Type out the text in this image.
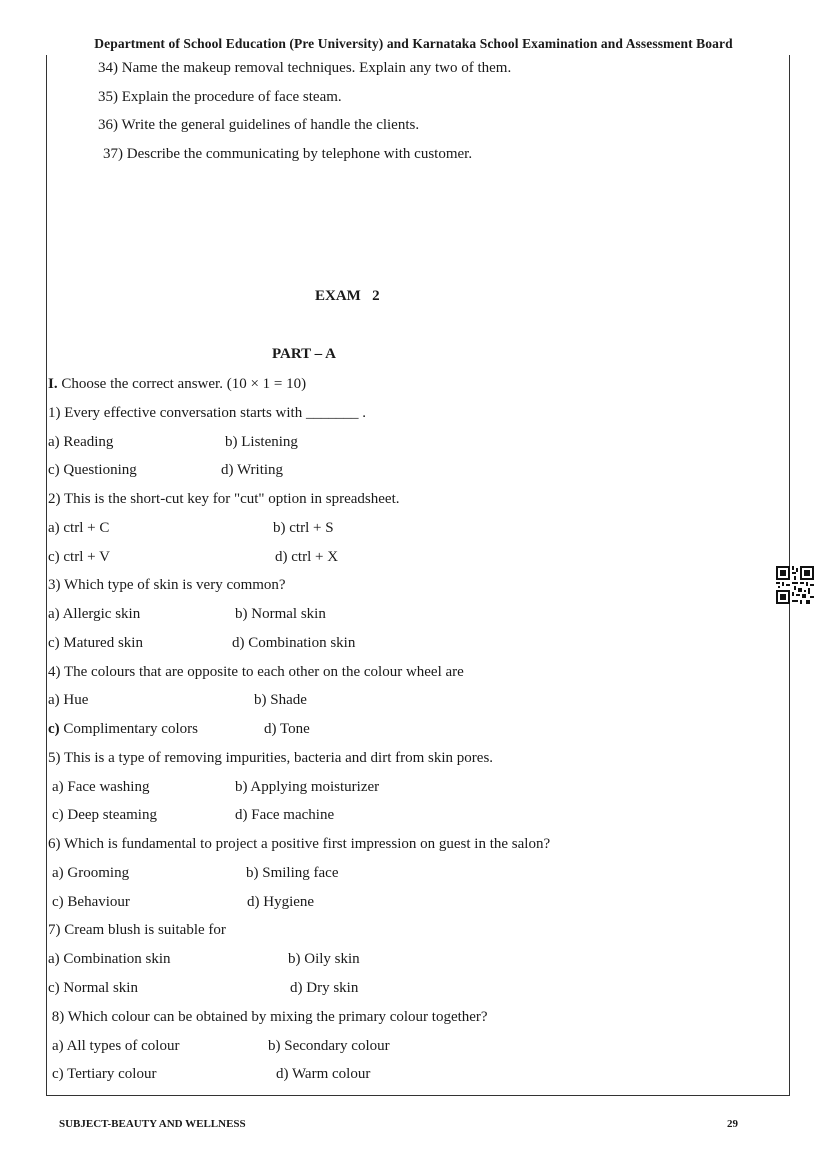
Department of School Education (Pre University) and Karnataka School Examination and Assessment Board
34) Name the makeup removal techniques. Explain any two of them.
35) Explain the procedure of face steam.
36) Write the general guidelines of handle the clients.
37) Describe the communicating by telephone with customer.
EXAM   2
PART – A
I. Choose the correct answer. (10 × 1 = 10)
1) Every effective conversation starts with _______ .
a) Reading	b) Listening
c) Questioning	d) Writing
2) This is the short-cut key for "cut" option in spreadsheet.
a) ctrl + C	b) ctrl + S
c) ctrl + V	d) ctrl + X
3) Which type of skin is very common?
a) Allergic skin	b) Normal skin
c) Matured skin	d) Combination skin
4) The colours that are opposite to each other on the colour wheel are
a) Hue	b) Shade
c) Complimentary colors	d) Tone
5) This is a type of removing impurities, bacteria and dirt from skin pores.
a) Face washing	b) Applying moisturizer
c) Deep steaming	d) Face machine
6) Which is fundamental to project a positive first impression on guest in the salon?
a) Grooming	b) Smiling face
c) Behaviour	d) Hygiene
7) Cream blush is suitable for
a) Combination skin	b) Oily skin
c) Normal skin	d) Dry skin
8) Which colour can be obtained by mixing the primary colour together?
a) All types of colour	b) Secondary colour
c) Tertiary colour	d) Warm colour
SUBJECT-BEAUTY AND WELLNESS	29
